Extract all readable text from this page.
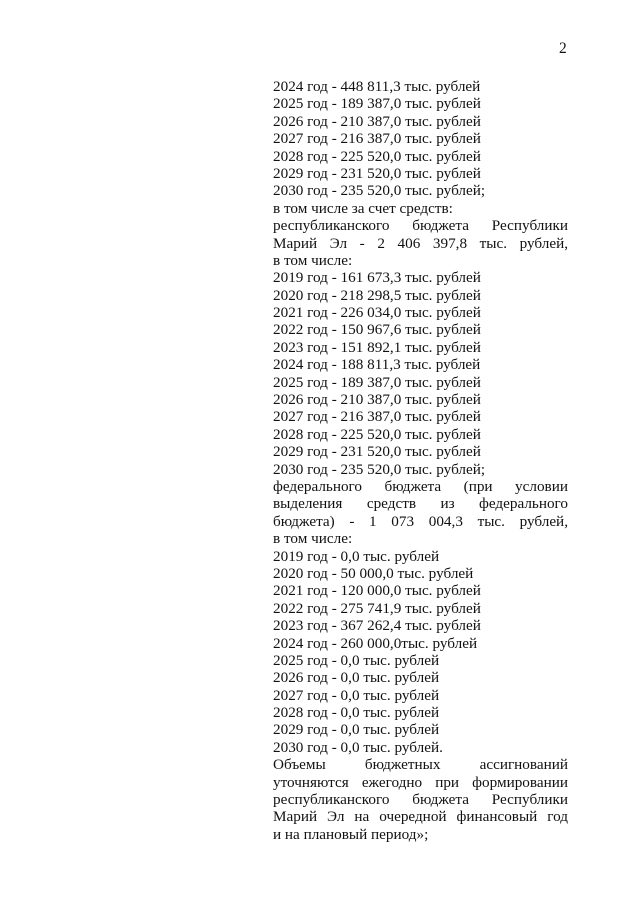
2
2024 год - 448 811,3 тыс. рублей
2025 год - 189 387,0 тыс. рублей
2026 год - 210 387,0 тыс. рублей
2027 год - 216 387,0 тыс. рублей
2028 год - 225 520,0 тыс. рублей
2029 год - 231 520,0 тыс. рублей
2030 год - 235 520,0 тыс. рублей;
в том числе за счет средств:
республиканского бюджета Республики
Марий Эл - 2 406 397,8 тыс. рублей,
в том числе:
2019 год - 161 673,3 тыс. рублей
2020 год - 218 298,5 тыс. рублей
2021 год - 226 034,0 тыс. рублей
2022 год - 150 967,6 тыс. рублей
2023 год - 151 892,1 тыс. рублей
2024 год - 188 811,3 тыс. рублей
2025 год - 189 387,0 тыс. рублей
2026 год - 210 387,0 тыс. рублей
2027 год - 216 387,0 тыс. рублей
2028 год - 225 520,0 тыс. рублей
2029 год - 231 520,0 тыс. рублей
2030 год - 235 520,0 тыс. рублей;
федерального бюджета (при условии
выделения средств из федерального
бюджета) - 1 073 004,3 тыс. рублей,
в том числе:
2019 год - 0,0 тыс. рублей
2020 год - 50 000,0 тыс. рублей
2021 год - 120 000,0 тыс. рублей
2022 год - 275 741,9 тыс. рублей
2023 год - 367 262,4 тыс. рублей
2024 год - 260 000,0тыс. рублей
2025 год - 0,0 тыс. рублей
2026 год - 0,0 тыс. рублей
2027 год - 0,0 тыс. рублей
2028 год - 0,0 тыс. рублей
2029 год - 0,0 тыс. рублей
2030 год - 0,0 тыс. рублей.
Объемы бюджетных ассигнований
уточняются ежегодно при формировании
республиканского бюджета Республики
Марий Эл на очередной финансовый год
и на плановый период»;
